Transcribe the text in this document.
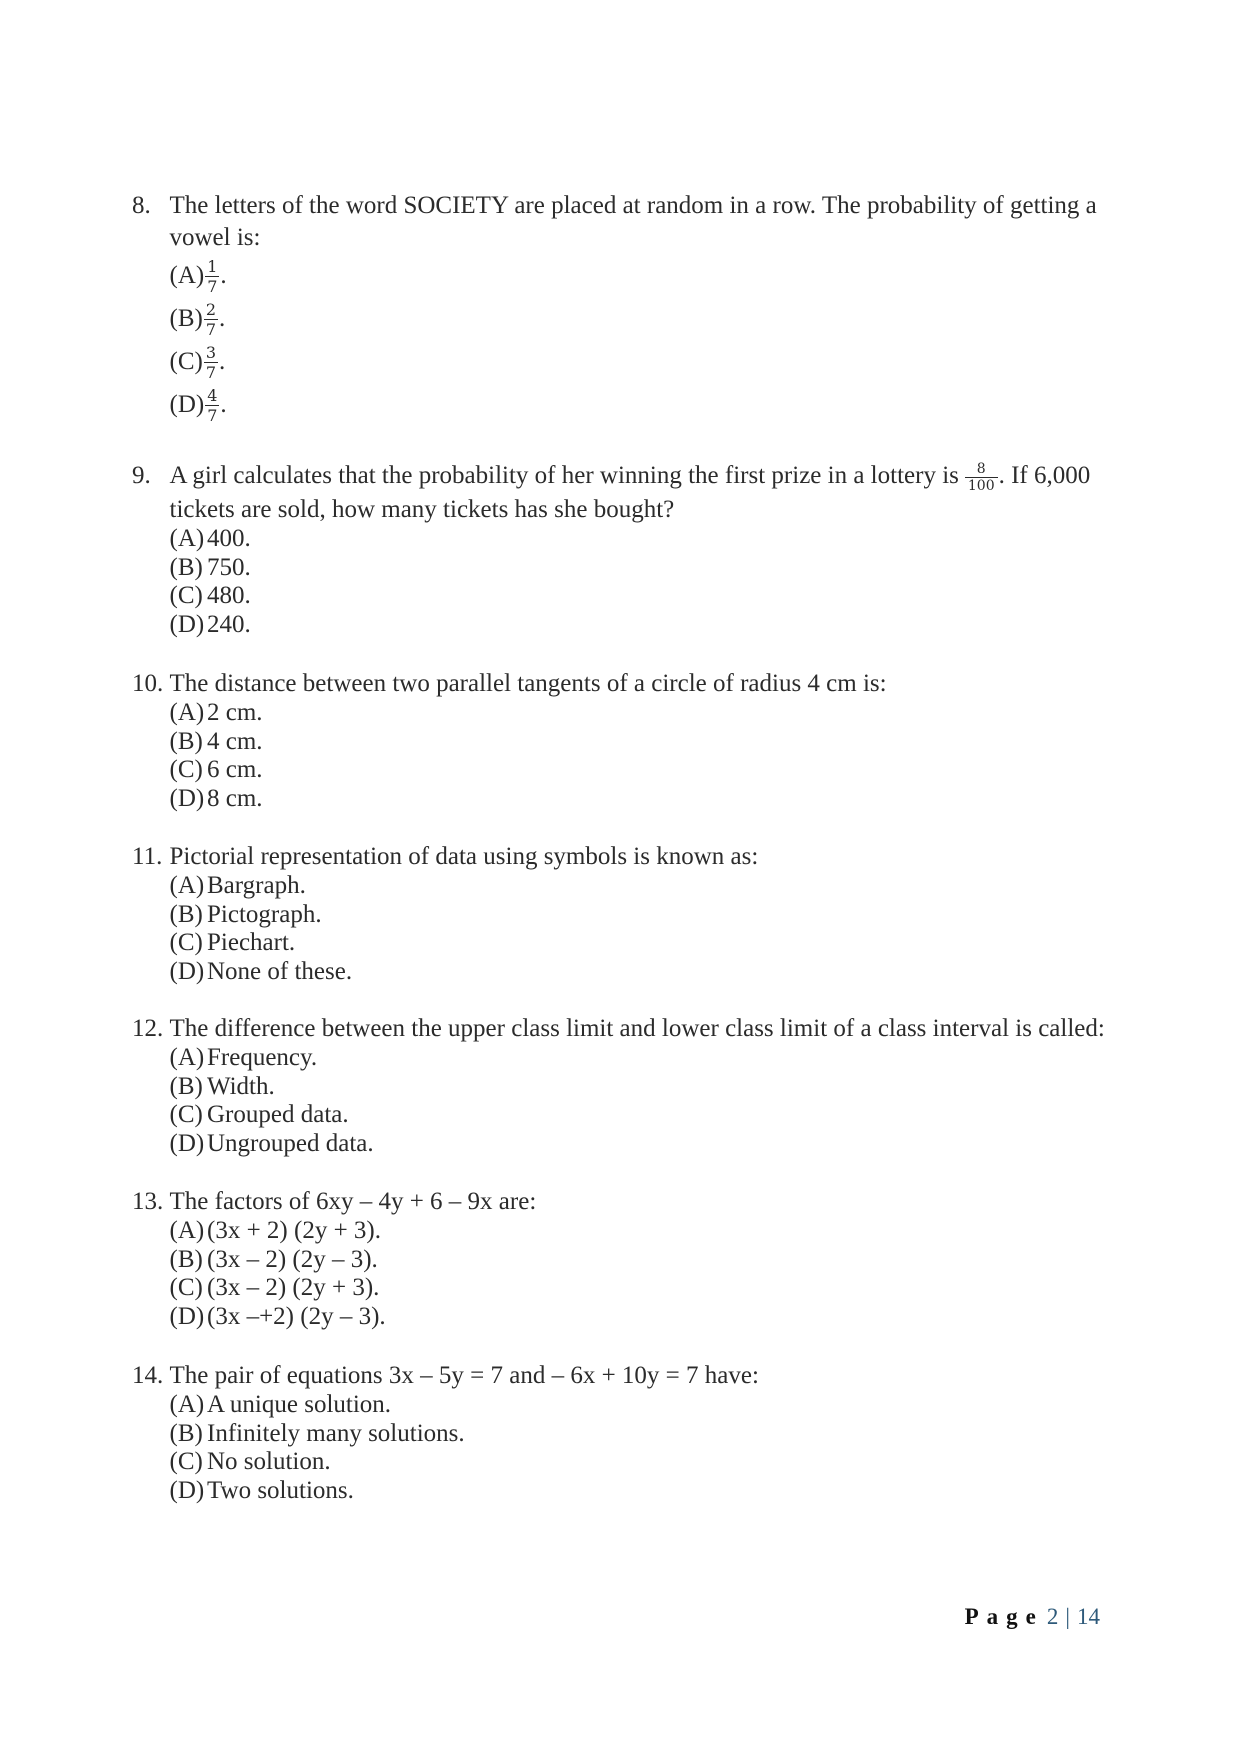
8. The letters of the word SOCIETY are placed at random in a row. The probability of getting a
vowel is:
$(A) \frac{1}{7}$ .
$(B) \frac{2}{7}$ .
$(C) \frac{3}{7}$ .
$(D) \frac{4}{7}$ .
9. A girl calculates that the probability of her winning the first prize in a lottery is $\frac{8}{100}$ . If 6,000
tickets are sold, how many tickets has she bought?
(A) 400.
(B) 750.
(C) 480.
(D) 240.
10. The distance between two parallel tangents of a circle of radius 4 cm is:
(A) 2 cm.
(B) 4 cm.
(C) 6 cm.
(D) 8 cm.
11. Pictorial representation of data using symbols is known as:
(A) Bargraph.
(B) Pictograph.
(C) Piechart.
(D) None of these.
12. The difference between the upper class limit and lower class limit of a class interval is called:
(A) Frequency.
(B) Width.
(C) Grouped data.
(D) Ungrouped data.
13. The factors of 6xy – 4y + 6 – 9x are:
(A) (3x + 2) (2y + 3).
(B) (3x – 2) (2y – 3).
(C) (3x – 2) (2y + 3).
(D) (3x –+2) (2y – 3).
14. The pair of equations 3x – 5y = 7 and – 6x + 10y = 7 have:
(A) A unique solution.
(B) Infinitely many solutions.
(C) No solution.
(D) Two solutions.
Page 2 | 14
